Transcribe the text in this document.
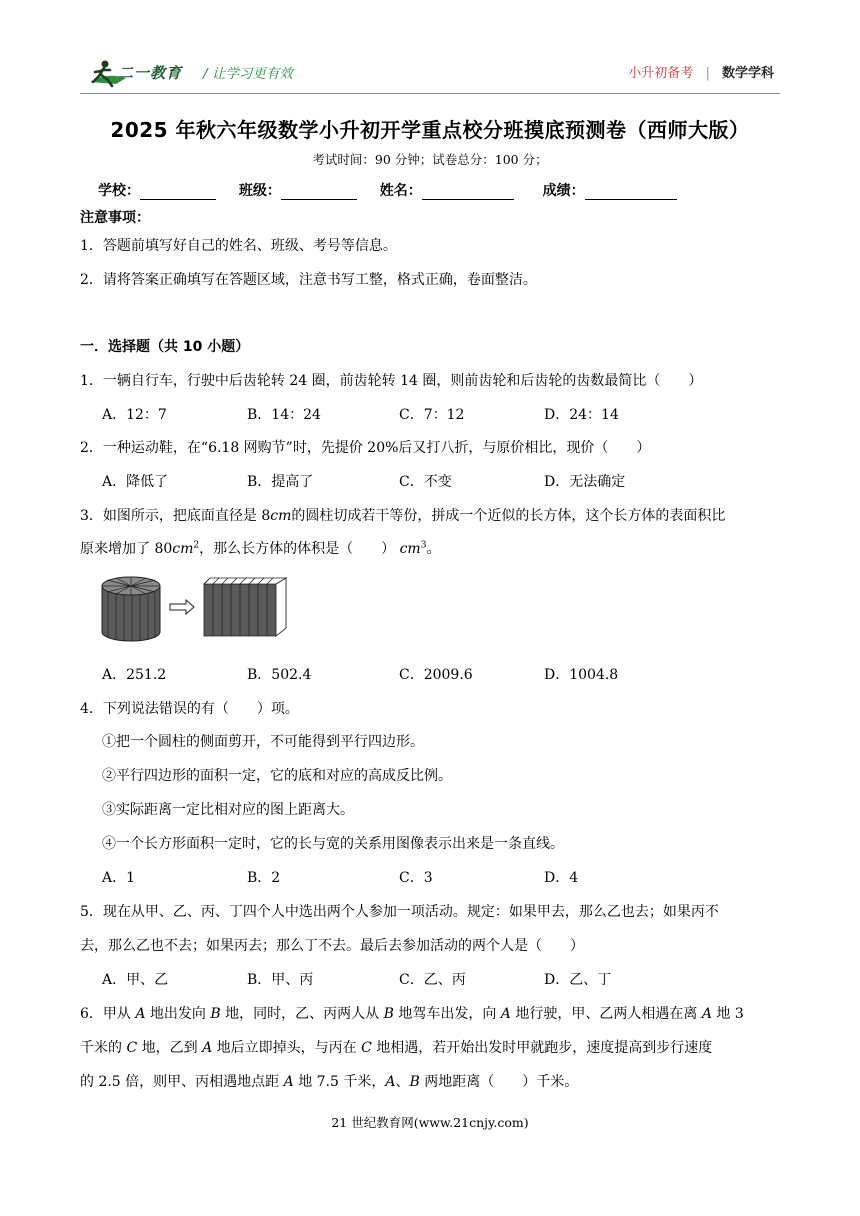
二一教育 / 让学习更有效	小升初备考 | 数学学科
2025 年秋六年级数学小升初开学重点校分班摸底预测卷（西师大版）
考试时间：90 分钟；试卷总分：100 分；
学校：	班级：	姓名：	成绩：
注意事项：
1．答题前填写好自己的姓名、班级、考号等信息。
2．请将答案正确填写在答题区域，注意书写工整，格式正确，卷面整洁。
一．选择题（共 10 小题）
1．一辆自行车，行驶中后齿轮转 24 圈，前齿轮转 14 圈，则前齿轮和后齿轮的齿数最简比（　　）
A．12：7	B．14：24	C．7：12	D．24：14
2．一种运动鞋，在“6.18 网购节”时，先提价 20%后又打八折，与原价相比，现价（　　）
A．降低了	B．提高了	C．不变	D．无法确定
3．如图所示，把底面直径是 8cm的圆柱切成若干等份，拼成一个近似的长方体，这个长方体的表面积比
原来增加了 $80cm^2$，那么长方体的体积是（　　） $cm^3$。
A．251.2	B．502.4	C．2009.6	D．1004.8
4．下列说法错误的有（　　）项。
①把一个圆柱的侧面剪开，不可能得到平行四边形。
②平行四边形的面积一定，它的底和对应的高成反比例。
③实际距离一定比相对应的图上距离大。
④一个长方形面积一定时，它的长与宽的关系用图像表示出来是一条直线。
A．1	B．2	C．3	D．4
5．现在从甲、乙、丙、丁四个人中选出两个人参加一项活动。规定：如果甲去，那么乙也去；如果丙不
去，那么乙也不去；如果丙去；那么丁不去。最后去参加活动的两个人是（　　）
A．甲、乙	B．甲、丙	C．乙、丙	D．乙、丁
6．甲从 A 地出发向 B 地，同时，乙、丙两人从 B 地驾车出发，向 A 地行驶，甲、乙两人相遇在离 A 地 3
千米的 C 地，乙到 A 地后立即掉头，与丙在 C 地相遇，若开始出发时甲就跑步，速度提高到步行速度
的 2.5 倍，则甲、丙相遇地点距 A 地 7.5 千米，A、B 两地距离（　　）千米。
21 世纪教育网(www.21cnjy.com)
